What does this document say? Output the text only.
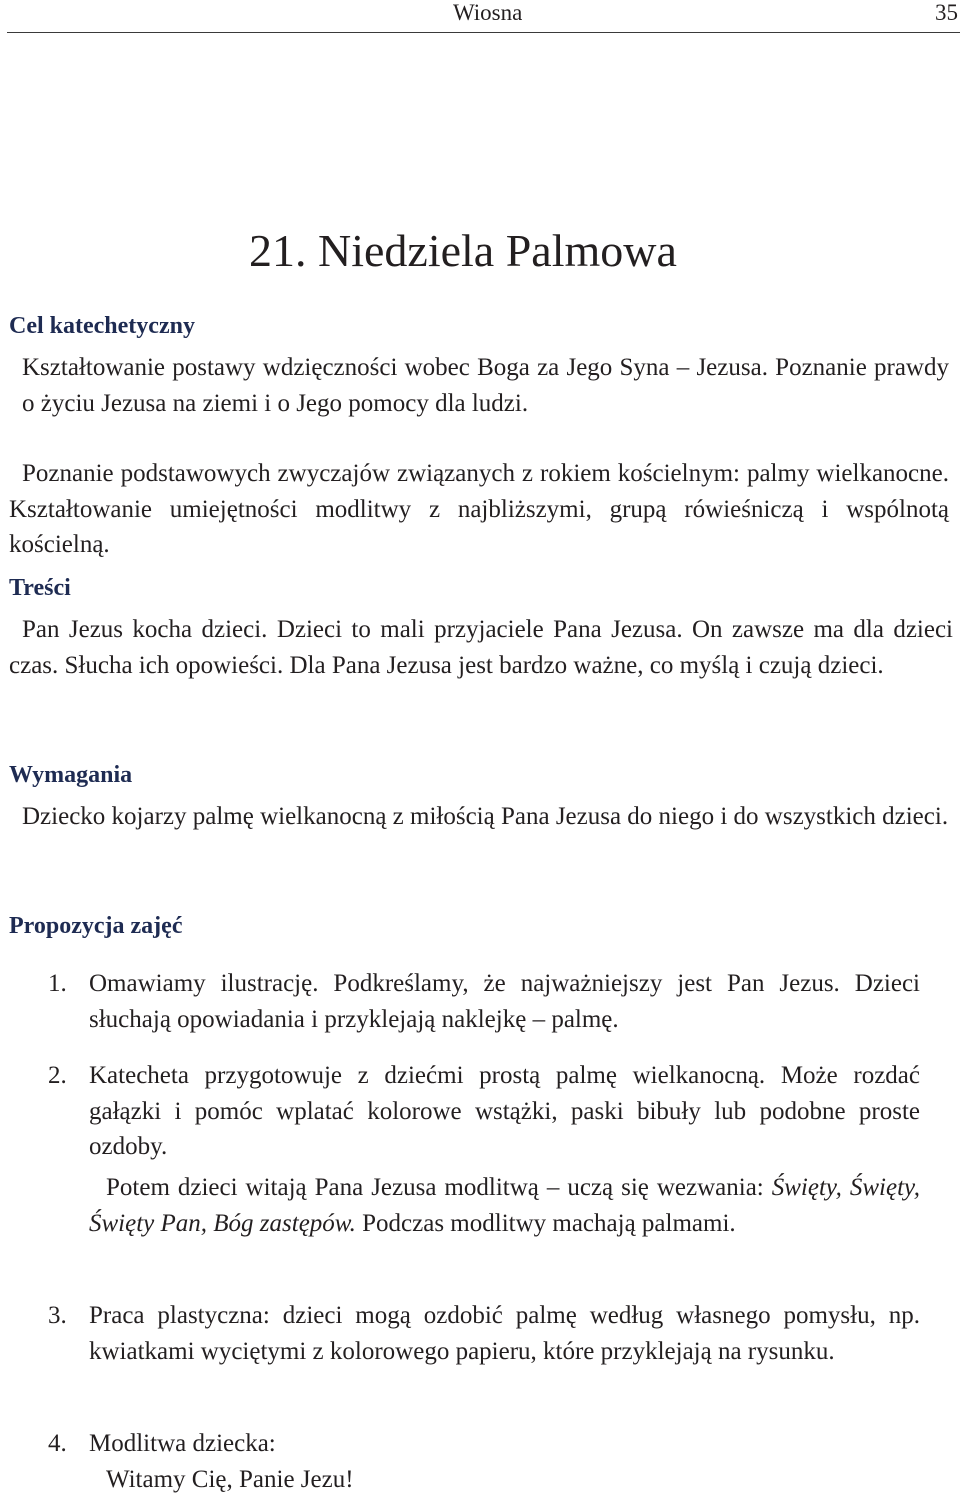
Wiosna	35
21. Niedziela Palmowa
Cel katechetyczny

Kształtowanie postawy wdzięczności wobec Boga za Jego Syna – Jezusa. Poznanie prawdy o życiu Jezusa na ziemi i o Jego pomocy dla ludzi.

Poznanie podstawowych zwyczajów związanych z rokiem kościelnym: palmy wielkanocne. Kształtowanie umiejętności modlitwy z najbliższymi, grupą rówieśniczą i wspólnotą kościelną.

Treści

Pan Jezus kocha dzieci. Dzieci to mali przyjaciele Pana Jezusa. On zawsze ma dla dzieci czas. Słucha ich opowieści. Dla Pana Jezusa jest bardzo ważne, co myślą i czują dzieci.

Wymagania

Dziecko kojarzy palmę wielkanocną z miłością Pana Jezusa do niego i do wszystkich dzieci.

Propozycja zajęć
1. Omawiamy ilustrację. Podkreślamy, że najważniejszy jest Pan Jezus. Dzieci słuchają opowiadania i przyklejają naklejkę – palmę.

2. Katecheta przygotowuje z dziećmi prostą palmę wielkanocną. Może rozdać gałązki i pomóc wplatać kolorowe wstążki, paski bibuły lub podobne proste ozdoby.

Potem dzieci witają Pana Jezusa modlitwą – uczą się wezwania: Święty, Święty, Święty Pan, Bóg zastępów. Podczas modlitwy machają palmami.

3. Praca plastyczna: dzieci mogą ozdobić palmę według własnego pomysłu, np. kwiatkami wyciętymi z kolorowego papieru, które przyklejają na rysunku.

4. Modlitwa dziecka:

Witamy Cię, Panie Jezu!
